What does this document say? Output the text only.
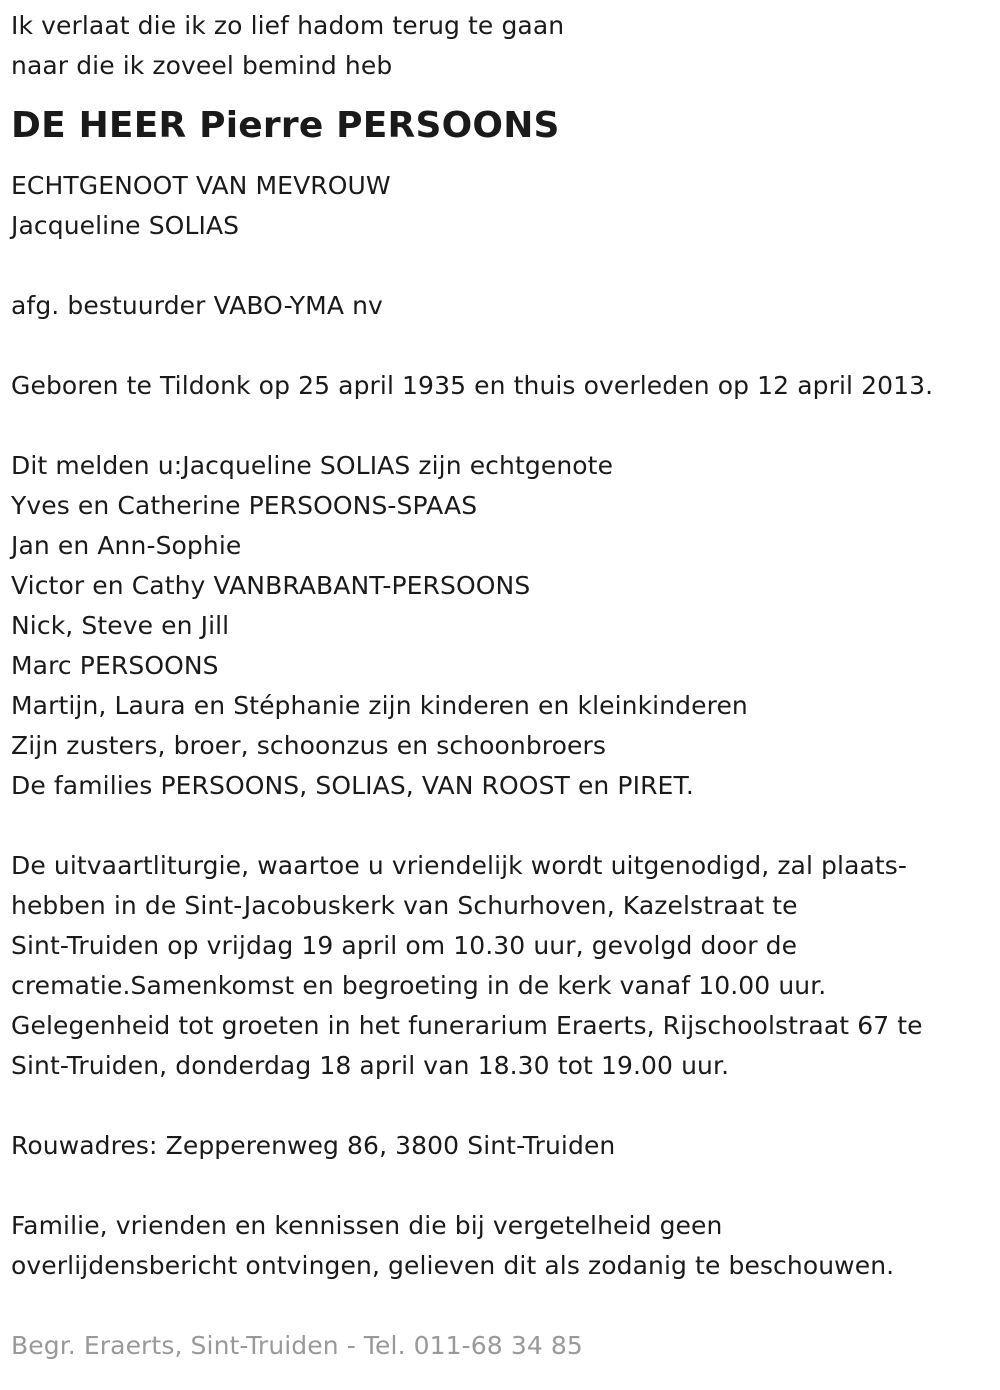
Ik verlaat die ik zo lief hadom terug te gaan
naar die ik zoveel bemind heb
DE HEER Pierre PERSOONS
ECHTGENOOT VAN MEVROUW
Jacqueline SOLIAS
afg. bestuurder VABO-YMA nv
Geboren te Tildonk op 25 april 1935 en thuis overleden op 12 april 2013.
Dit melden u:Jacqueline SOLIAS zijn echtgenote
Yves en Catherine PERSOONS-SPAAS
Jan en Ann-Sophie
Victor en Cathy VANBRABANT-PERSOONS
Nick, Steve en Jill
Marc PERSOONS
Martijn, Laura en Stéphanie zijn kinderen en kleinkinderen
Zijn zusters, broer, schoonzus en schoonbroers
De families PERSOONS, SOLIAS, VAN ROOST en PIRET.
De uitvaartliturgie, waartoe u vriendelijk wordt uitgenodigd, zal plaats-
hebben in de Sint-Jacobuskerk van Schurhoven, Kazelstraat te
Sint-Truiden op vrijdag 19 april om 10.30 uur, gevolgd door de
crematie.Samenkomst en begroeting in de kerk vanaf 10.00 uur.
Gelegenheid tot groeten in het funerarium Eraerts, Rijschoolstraat 67 te
Sint-Truiden, donderdag 18 april van 18.30 tot 19.00 uur.
Rouwadres: Zepperenweg 86, 3800 Sint-Truiden
Familie, vrienden en kennissen die bij vergetelheid geen
overlijdensbericht ontvingen, gelieven dit als zodanig te beschouwen.
Begr. Eraerts, Sint-Truiden - Tel. 011-68 34 85
